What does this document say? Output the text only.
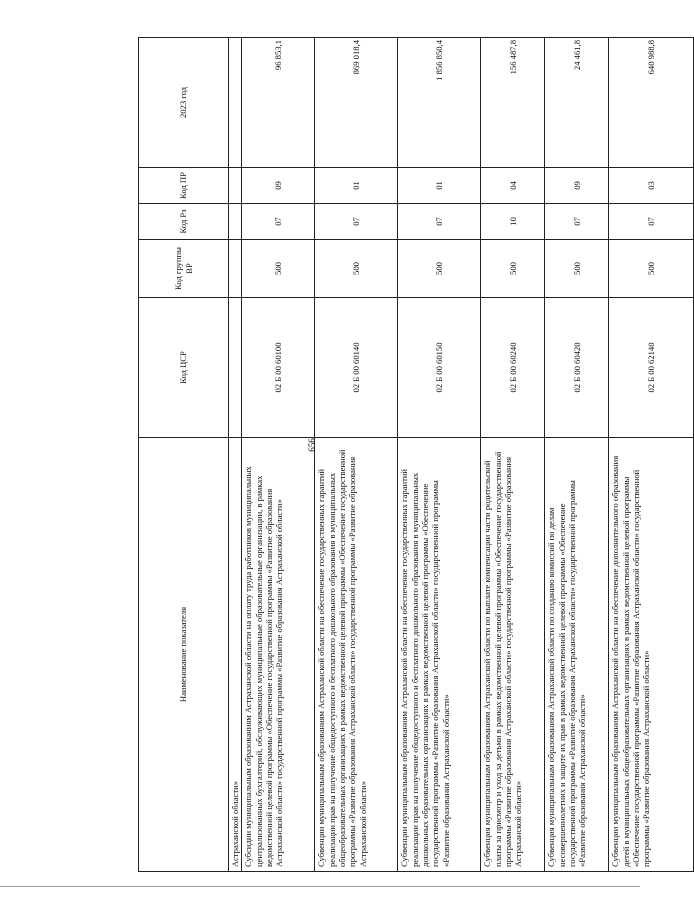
656
Наименование показателя	Код ЦСР	Код группы ВР	Код Рз	Код ПР	2023 год
Астраханской области»					
Субсидии муниципальным образованиям Астраханской области на оплату труда работников муниципальных централизованных бухгалтерий, обслуживающих муниципальные образовательные организации, в рамках ведомственной целевой программы «Обеспечение государственной программы «Развитие образования Астраханской области» государственной программы «Развитие образования Астраханской области»	02 Б 00 60100	500	07	09	96 853,1
Субвенции муниципальным образованиям Астраханской области на обеспечение государственных гарантий реализации прав на получение общедоступного и бесплатного дошкольного образования в муниципальных общеобразовательных организациях в рамках ведомственной целевой программы «Обеспечение государственной программы «Развитие образования Астраханской области» государственной программы «Развитие образования Астраханской области»	02 Б 00 60140	500	07	01	869 018,4
Субвенции муниципальным образованиям Астраханской области на обеспечение государственных гарантий реализации прав на получение общедоступного и бесплатного дошкольного образования в муниципальных дошкольных образовательных организациях в рамках ведомственной целевой программы «Обеспечение государственной программы «Развитие образования Астраханской области» государственной программы «Развитие образования Астраханской области»	02 Б 00 60150	500	07	01	1 856 850,4
Субвенция муниципальным образованиям Астраханской области по выплате компенсации части родительской платы за присмотр и уход за детьми в рамках ведомственной целевой программы «Обеспечение государственной программы «Развитие образования Астраханской области» государственной программы «Развитие образования Астраханской области»	02 Б 00 60240	500	10	04	156 487,8
Субвенция муниципальным образованиям Астраханской области по созданию комиссий по делам несовершеннолетних и защите их прав в рамках ведомственной целевой программы «Обеспечение государственной программы «Развитие образования Астраханской области» государственной программы «Развитие образования Астраханской области»	02 Б 00 60420	500	07	09	24 461,8
Субвенции муниципальным образованиям Астраханской области на обеспечение дополнительного образования детей в муниципальных общеобразовательных организациях в рамках ведомственной целевой программы «Обеспечение государственной программы «Развитие образования Астраханской области» государственной программы «Развитие образования Астраханской области»	02 Б 00 62140	500	07	03	640 988,8
